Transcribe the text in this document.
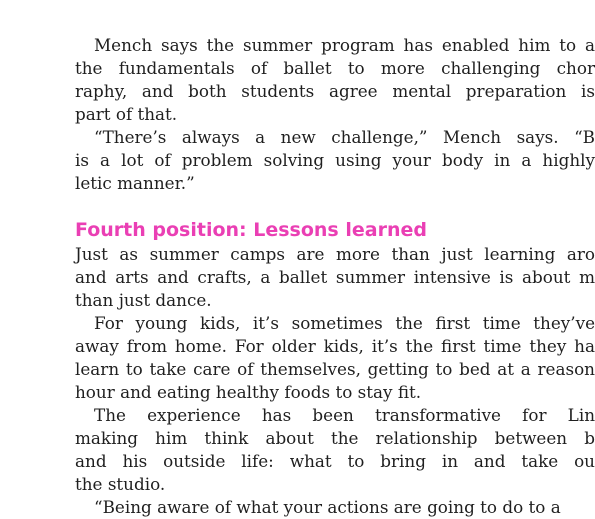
Mench says the summer program has enabled him to a
the fundamentals of ballet to more challenging chor
raphy, and both students agree mental preparation is
part of that.
“There’s always a new challenge,” Mench says. “B
is a lot of problem solving using your body in a highly
letic manner.”
Fourth position: Lessons learned
Just as summer camps are more than just learning aro
and arts and crafts, a ballet summer intensive is about m
than just dance.
For young kids, it’s sometimes the first time they’ve
away from home. For older kids, it’s the first time they ha
learn to take care of themselves, getting to bed at a reason
hour and eating healthy foods to stay fit.
The experience has been transformative for Lin
making him think about the relationship between b
and his outside life: what to bring in and take ou
the studio.
“Being aware of what your actions are going to do to a
